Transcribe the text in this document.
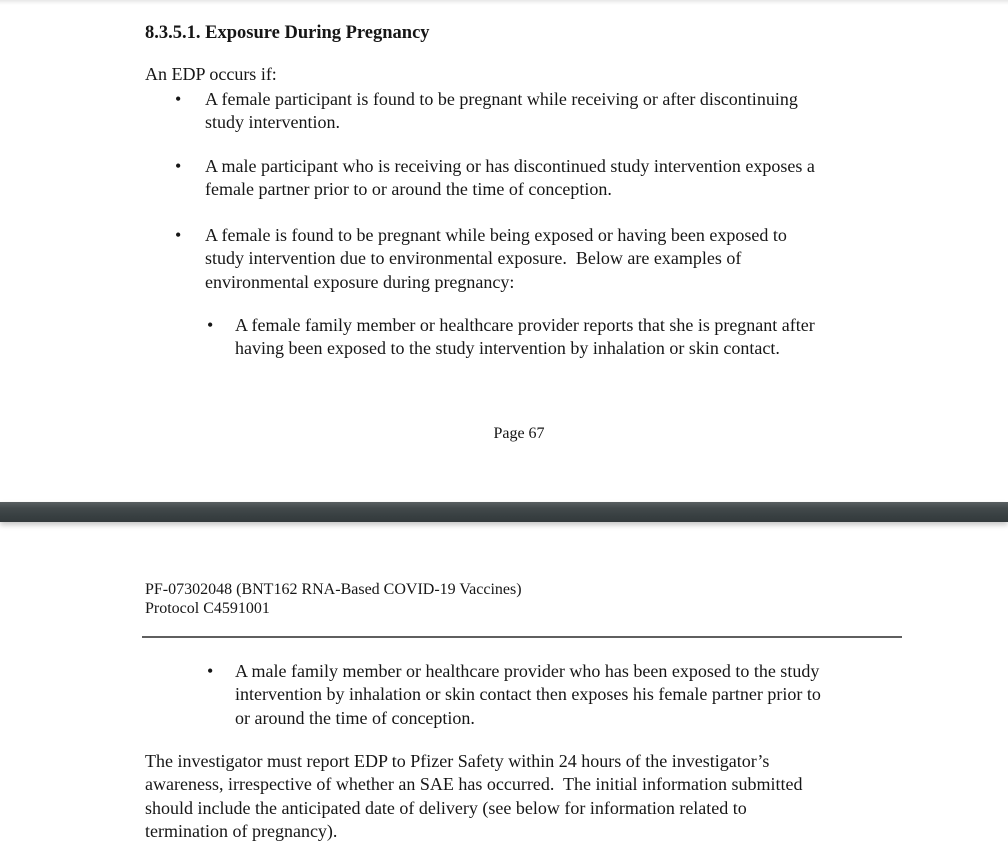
8.3.5.1. Exposure During Pregnancy

An EDP occurs if:

• A female participant is found to be pregnant while receiving or after discontinuing
study intervention.
• A male participant who is receiving or has discontinued study intervention exposes a
female partner prior to or around the time of conception.
• A female is found to be pregnant while being exposed or having been exposed to
study intervention due to environmental exposure.  Below are examples of
environmental exposure during pregnancy:
• A female family member or healthcare provider reports that she is pregnant after
having been exposed to the study intervention by inhalation or skin contact.
Page 67
PF-07302048 (BNT162 RNA-Based COVID-19 Vaccines)
Protocol C4591001
• A male family member or healthcare provider who has been exposed to the study
intervention by inhalation or skin contact then exposes his female partner prior to
or around the time of conception.
The investigator must report EDP to Pfizer Safety within 24 hours of the investigator’s
awareness, irrespective of whether an SAE has occurred.  The initial information submitted
should include the anticipated date of delivery (see below for information related to
termination of pregnancy).
